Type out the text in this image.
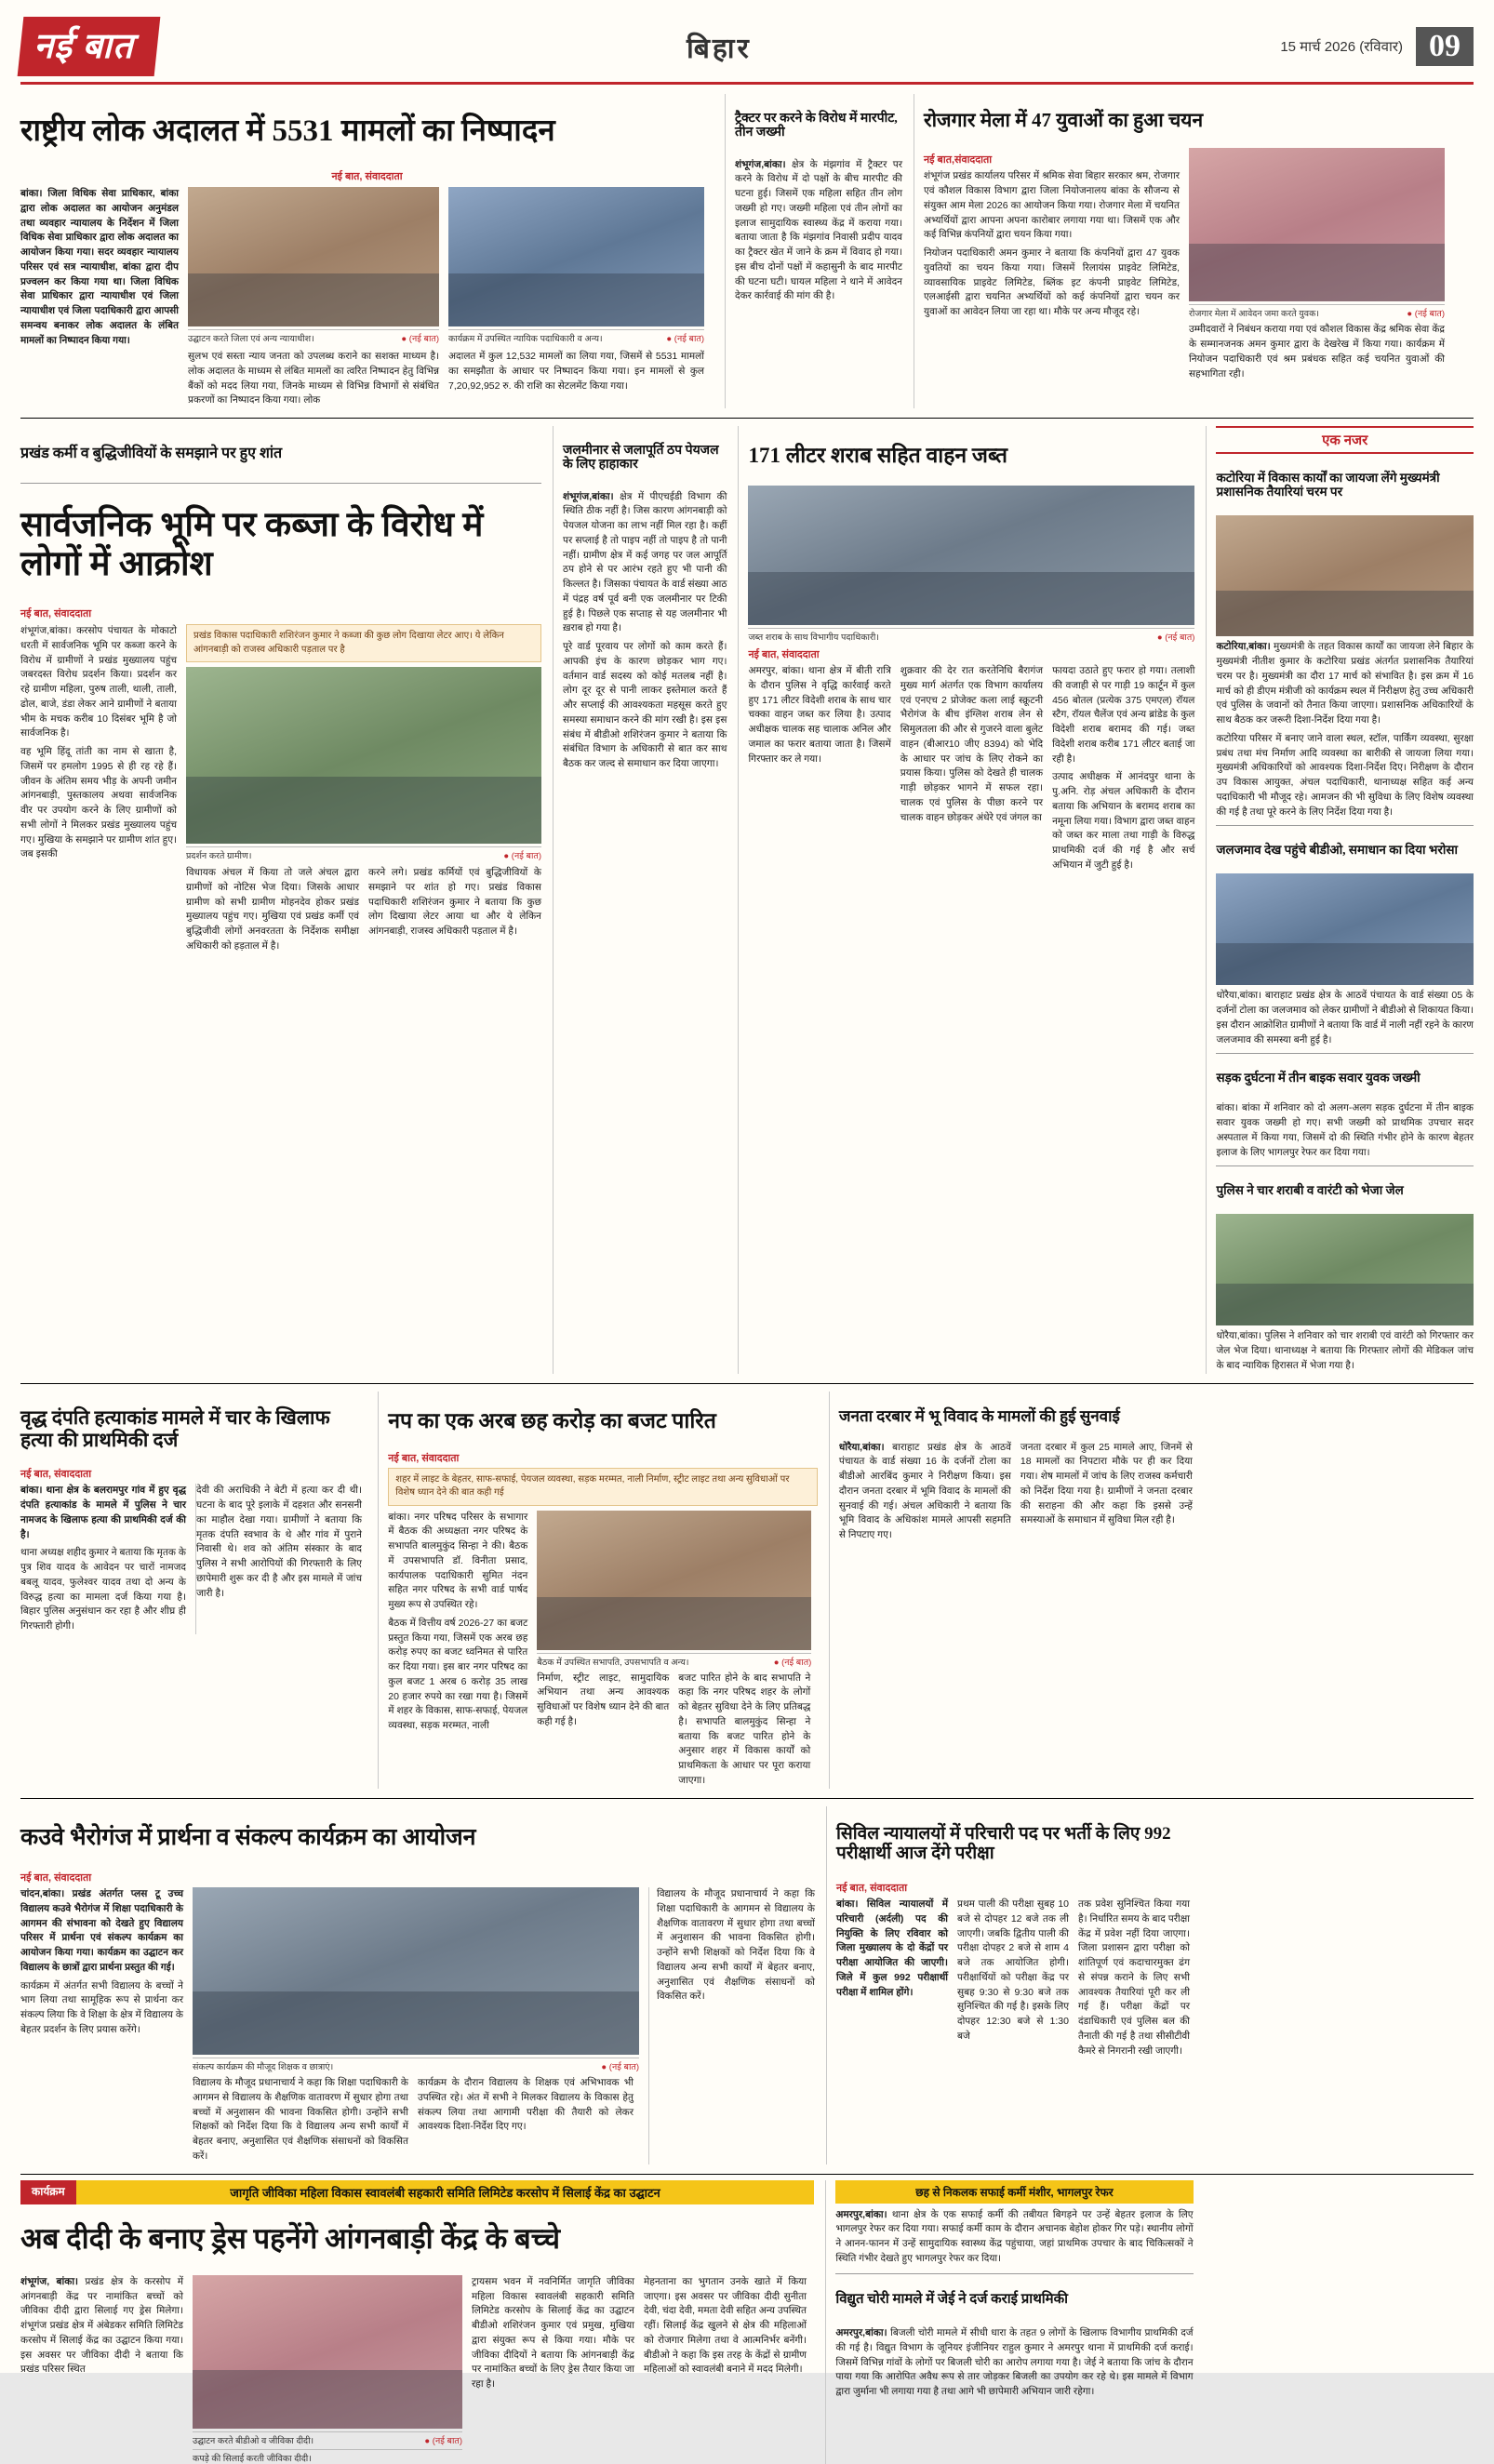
नई बात	बिहार	15 मार्च 2026 (रविवार) 09
राष्ट्रीय लोक अदालत में 5531 मामलों का निष्पादन
नई बात, संवाददाता
बांका। जिला विधिक सेवा प्राधिकार, बांका द्वारा लोक अदालत का आयोजन अनुमंडल तथा व्यवहार न्यायालय के निर्देशन में जिला विधिक सेवा प्राधिकार द्वारा लोक अदालत का आयोजन किया गया। सदर व्यवहार न्यायालय परिसर एवं सत्र न्यायाधीश, बांका द्वारा दीप प्रज्वलन कर किया गया था। जिला विधिक सेवा प्राधिकार द्वारा न्यायाधीश एवं जिला न्यायाधीश एवं जिला पदाधिकारी द्वारा आपसी समन्वय बनाकर लोक अदालत के लंबित मामलों का निष्पादन किया गया।	उद्घाटन करते जिला एवं अन्य न्यायाधीश।	● (नई बात) कार्यक्रम में उपस्थित न्यायिक पदाधिकारी व अन्य।	● (नई बात)
सुलभ एवं सस्ता न्याय जनता को उपलब्ध कराने का सशक्त माध्यम है। लोक अदालत के माध्यम से लंबित मामलों का त्वरित निष्पादन हेतु विभिन्न बैंकों को मदद लिया गया, जिनके माध्यम से विभिन्न विभागों से संबंधित प्रकरणों का निष्पादन किया गया। लोक
अदालत में कुल 12,532 मामलों का लिया गया, जिसमें से 5531 मामलों का समझौता के आधार पर निष्पादन किया गया। इन मामलों से कुल 7,20,92,952 रु. की राशि का सेटलमेंट किया गया।
ट्रैक्टर पर करने के विरोध में मारपीट, तीन जख्मी
शंभूगंज,बांका। क्षेत्र के मंझगांव में ट्रैक्टर पर करने के विरोध में दो पक्षों के बीच मारपीट की घटना हुई। जिसमें एक महिला सहित तीन लोग जख्मी हो गए। जख्मी महिला एवं तीन लोगों का इलाज सामुदायिक स्वास्थ्य केंद्र में कराया गया। बताया जाता है कि मंझगांव निवासी प्रदीप यादव का ट्रैक्टर खेत में जाने के क्रम में विवाद हो गया। इस बीच दोनों पक्षों में कहासुनी के बाद मारपीट की घटना घटी। घायल महिला ने थाने में आवेदन देकर कार्रवाई की मांग की है।
रोजगार मेला में 47 युवाओं का हुआ चयन
नई बात,संवाददाता
शंभूगंज प्रखंड कार्यालय परिसर में श्रमिक सेवा बिहार सरकार श्रम, रोजगार एवं कौशल विकास विभाग द्वारा जिला नियोजनालय बांका के सौजन्य से संयुक्त आम मेला 2026 का आयोजन किया गया। रोजगार मेला में चयनित अभ्यर्थियों द्वारा आपना अपना कारोबार लगाया गया था। जिसमें एक और कई विभिन्न कंपनियों द्वारा चयन किया गया।
नियोजन पदाधिकारी अमन कुमार ने बताया कि कंपनियों द्वारा 47 युवक युवतियों का चयन किया गया। जिसमें रिलायंस प्राइवेट लिमिटेड, व्यावसायिक प्राइवेट लिमिटेड, ब्लिंक इट कंपनी प्राइवेट लिमिटेड, एलआईसी द्वारा चयनित अभ्यर्थियों को कई कंपनियों द्वारा चयन कर युवाओं का आवेदन लिया जा रहा था। मौके पर अन्य मौजूद रहे।	रोजगार मेला में आवेदन जमा करते युवक।	● (नई बात)
उम्मीदवारों ने निबंधन कराया गया एवं कौशल विकास केंद्र श्रमिक सेवा केंद्र के सम्मानजनक अमन कुमार द्वारा के देखरेख में किया गया। कार्यक्रम में नियोजन पदाधिकारी एवं श्रम प्रबंधक सहित कई चयनित युवाओं की सहभागिता रही।
प्रखंड कर्मी व बुद्धिजीवियों के समझाने पर हुए शांत
सार्वजनिक भूमि पर कब्जा के विरोध में लोगों में आक्रोश
नई बात, संवाददाता
शंभूगंज,बांका। करसोप पंचायत के मोकाटो धरती में सार्वजनिक भूमि पर कब्जा करने के विरोध में ग्रामीणों ने प्रखंड मुख्यालय पहुंच जबरदस्त विरोध प्रदर्शन किया। प्रदर्शन कर रहे ग्रामीण महिला, पुरुष ताली, थाली, ताली, ढोल, बाजे, डंडा लेकर आने ग्रामीणों ने बताया भीम के मचक करीब 10 दिसंबर भूमि है जो सार्वजनिक है।
वह भूमि हिंदू तांती का नाम से खाता है, जिसमें पर हमलोग 1995 से ही रह रहे हैं। जीवन के अंतिम समय भीड़ के अपनी जमीन आंगनबाड़ी, पुस्तकालय अथवा सार्वजनिक वीर पर उपयोग करने के लिए ग्रामीणों को सभी लोगों ने मिलकर प्रखंड मुख्यालय पहुंच गए। मुखिया के समझाने पर ग्रामीण शांत हुए। जब इसकी
प्रखंड विकास पदाधिकारी शशिरंजन कुमार ने कब्जा की कुछ लोग दिखाया लेटर आए। ये लेकिन आंगनबाड़ी को राजस्व अधिकारी पड़ताल पर है
प्रदर्शन करते ग्रामीण।	● (नई बात)
विधायक अंचल में किया तो जले अंचल द्वारा ग्रामीणों को नोटिस भेज दिया। जिसके आधार ग्रामीण को सभी ग्रामीण मोहनदेव होकर प्रखंड मुख्यालय पहुंच गए। मुखिया एवं प्रखंड कर्मी एवं बुद्धिजीवी लोगों अनवरतता के निर्देशक समीक्षा अधिकारी को हड़ताल में है।
करने लगे। प्रखंड कर्मियों एवं बुद्धिजीवियों के समझाने पर शांत हो गए। प्रखंड विकास पदाधिकारी शशिरंजन कुमार ने बताया कि कुछ लोग दिखाया लेटर आया था और ये लेकिन आंगनबाड़ी, राजस्व अधिकारी पड़ताल में है।
जलमीनार से जलापूर्ति ठप पेयजल के लिए हाहाकार
शंभूगंज,बांका। क्षेत्र में पीएचईडी विभाग की स्थिति ठीक नहीं है। जिस कारण आंगनबाड़ी को पेयजल योजना का लाभ नहीं मिल रहा है। कहीं पर सप्लाई है तो पाइप नहीं तो पाइप है तो पानी नहीं। ग्रामीण क्षेत्र में कई जगह पर जल आपूर्ति ठप होने से पर आरंभ रहते हुए भी पानी की किल्लत है। जिसका पंचायत के वार्ड संख्या आठ में पंद्रह वर्ष पूर्व बनी एक जलमीनार पर टिकी हुई है। पिछले एक सप्ताह से यह जलमीनार भी ख़राब हो गया है।
पूरे वार्ड पूरवाय पर लोगों को काम करते हैं। आपकी इंच के कारण छोड़कर भाग गए। वर्तमान वार्ड सदस्य को कोई मतलब नहीं है। लोग दूर दूर से पानी लाकर इस्तेमाल करते हैं और सप्लाई की आवश्यकता महसूस करते हुए समस्या समाधान करने की मांग रखी है। इस इस संबंध में बीडीओ शशिरंजन कुमार ने बताया कि संबंधित विभाग के अधिकारी से बात कर साथ बैठक कर जल्द से समाधान कर दिया जाएगा।
171 लीटर शराब सहित वाहन जब्त
जब्त शराब के साथ विभागीय पदाधिकारी।	● (नई बात)
नई बात, संवाददाता
अमरपुर, बांका। थाना क्षेत्र में बीती रात्रि के दौरान पुलिस ने वृद्धि कार्रवाई करते हुए 171 लीटर विदेशी शराब के साथ चार चक्का वाहन जब्त कर लिया है। उत्पाद अधीक्षक चालक सह चालाक अनिल और जमाल का फरार बताया जाता है। जिसमें गिरफ्तार कर ले गया।
शुक्रवार की देर रात करतेनिधि बैरागंज मुख्य मार्ग अंतर्गत एक विभाग कार्यालय एवं एनएच 2 प्रोजेक्ट कला लाई स्क्रूटनी भैरोगंज के बीच इंग्लिश शराब लेन से सिमुलतला की और से गुजरने वाला बुलेट वाहन (बीआर10 जीए 8394) को भेदि के आधार पर जांच के लिए रोकने का प्रयास किया। पुलिस को देखते ही चालक गाड़ी छोड़कर भागने में सफल रहा। चालक एवं पुलिस के पीछा करने पर चालक वाहन छोड़कर अंधेरे एवं जंगल का
फायदा उठाते हुए फरार हो गया। तलाशी की वजाही से पर गाड़ी 19 कार्टून में कुल 456 बोतल (प्रत्येक 375 एमएल) रॉयल स्टैग, रॉयल चैलेंज एवं अन्य ब्रांडेड के कुल विदेशी शराब बरामद की गई। जब्त विदेशी शराब करीब 171 लीटर बताई जा रही है।
उत्पाद अधीक्षक में आनंदपुर थाना के पु.अनि. रोड़ अंचल अधिकारी के दौरान बताया कि अभियान के बरामद शराब का नमूना लिया गया। विभाग द्वारा जब्त वाहन को जब्त कर माला तथा गाड़ी के विरुद्ध प्राथमिकी दर्ज की गई है और सर्च अभियान में जुटी हुई है।
एक नजर
कटोरिया में विकास कार्यों का जायजा लेंगे मुख्यमंत्री प्रशासनिक तैयारियां चरम पर
कटोरिया,बांका। मुख्यमंत्री के तहत विकास कार्यों का जायजा लेने बिहार के मुख्यमंत्री नीतीश कुमार के कटोरिया प्रखंड अंतर्गत प्रशासनिक तैयारियां चरम पर है। मुख्यमंत्री का दौरा 17 मार्च को संभावित है। इस क्रम में 16 मार्च को ही डीएम मंत्रीजी को कार्यक्रम स्थल में निरीक्षण हेतु उच्च अधिकारी एवं पुलिस के जवानों को तैनात किया जाएगा। प्रशासनिक अधिकारियों के साथ बैठक कर जरूरी दिशा-निर्देश दिया गया है।
कटोरिया परिसर में बनाए जाने वाला स्थल, स्टॉल, पार्किंग व्यवस्था, सुरक्षा प्रबंध तथा मंच निर्माण आदि व्यवस्था का बारीकी से जायजा लिया गया। मुख्यमंत्री अधिकारियों को आवश्यक दिशा-निर्देश दिए। निरीक्षण के दौरान उप विकास आयुक्त, अंचल पदाधिकारी, थानाध्यक्ष सहित कई अन्य पदाधिकारी भी मौजूद रहे। आमजन की भी सुविधा के लिए विशेष व्यवस्था की गई है तथा पूरे करने के लिए निर्देश दिया गया है।
जलजमाव देख पहुंचे बीडीओ, समाधान का दिया भरोसा
धोरैया,बांका। बाराहाट प्रखंड क्षेत्र के आठवें पंचायत के वार्ड संख्या 05 के दर्जनों टोला का जलजमाव को लेकर ग्रामीणों ने बीडीओ से शिकायत किया। इस दौरान आक्रोशित ग्रामीणों ने बताया कि वार्ड में नाली नहीं रहने के कारण जलजमाव की समस्या बनी हुई है।
सड़क दुर्घटना में तीन बाइक सवार युवक जख्मी
बांका। बांका में शनिवार को दो अलग-अलग सड़क दुर्घटना में तीन बाइक सवार युवक जख्मी हो गए। सभी जख्मी को प्राथमिक उपचार सदर अस्पताल में किया गया, जिसमें दो की स्थिति गंभीर होने के कारण बेहतर इलाज के लिए भागलपुर रेफर कर दिया गया।
पुलिस ने चार शराबी व वारंटी को भेजा जेल
धोरैया,बांका। पुलिस ने शनिवार को चार शराबी एवं वारंटी को गिरफ्तार कर जेल भेज दिया। थानाध्यक्ष ने बताया कि गिरफ्तार लोगों की मेडिकल जांच के बाद न्यायिक हिरासत में भेजा गया है।
वृद्ध दंपति हत्याकांड मामले में चार के खिलाफ हत्या की प्राथमिकी दर्ज
नई बात, संवाददाता
बांका। थाना क्षेत्र के बलरामपुर गांव में हुए वृद्ध दंपति हत्याकांड के मामले में पुलिस ने चार नामजद के खिलाफ हत्या की प्राथमिकी दर्ज की है।
थाना अध्यक्ष शहीद कुमार ने बताया कि मृतक के पुत्र शिव यादव के आवेदन पर चारों नामजद बबलू यादव, फुलेश्वर यादव तथा दो अन्य के विरुद्ध हत्या का मामला दर्ज किया गया है। बिहार पुलिस अनुसंधान कर रहा है और शीघ्र ही गिरफ्तारी होगी।
देवी की अराधिकी ने बेटी में हत्या कर दी थी। घटना के बाद पूरे इलाके में दहशत और सनसनी का माहौल देखा गया। ग्रामीणों ने बताया कि मृतक दंपति स्वभाव के थे और गांव में पुराने निवासी थे। शव को अंतिम संस्कार के बाद पुलिस ने सभी आरोपियों की गिरफ्तारी के लिए छापेमारी शुरू कर दी है और इस मामले में जांच जारी है।
नप का एक अरब छह करोड़ का बजट पारित
नई बात, संवाददाता
शहर में लाइट के बेहतर, साफ-सफाई, पेयजल व्यवस्था, सड़क मरम्मत, नाली निर्माण, स्ट्रीट लाइट तथा अन्य सुविधाओं पर विशेष ध्यान देने की बात कही गई
बांका। नगर परिषद परिसर के सभागार में बैठक की अध्यक्षता नगर परिषद के सभापति बालमुकुंद सिन्हा ने की। बैठक में उपसभापति डॉ. विनीता प्रसाद, कार्यपालक पदाधिकारी सुमित नंदन सहित नगर परिषद के सभी वार्ड पार्षद मुख्य रूप से उपस्थित रहे।
बैठक में वित्तीय वर्ष 2026-27 का बजट प्रस्तुत किया गया, जिसमें एक अरब छह करोड़ रुपए का बजट ध्वनिमत से पारित कर दिया गया। इस बार नगर परिषद का कुल बजट 1 अरब 6 करोड़ 35 लाख 20 हजार रुपये का रखा गया है। जिसमें में शहर के विकास, साफ-सफाई, पेयजल व्यवस्था, सड़क मरम्मत, नाली
बैठक में उपस्थित सभापति, उपसभापति व अन्य।	● (नई बात)
निर्माण, स्ट्रीट लाइट, सामुदायिक अभियान तथा अन्य आवश्यक सुविधाओं पर विशेष ध्यान देने की बात कही गई है।
बजट पारित होने के बाद सभापति ने कहा कि नगर परिषद शहर के लोगों को बेहतर सुविधा देने के लिए प्रतिबद्ध है। सभापति बालमुकुंद सिन्हा ने बताया कि बजट पारित होने के अनुसार शहर में विकास कार्यों को प्राथमिकता के आधार पर पूरा कराया जाएगा।
जनता दरबार में भू विवाद के मामलों की हुई सुनवाई
धोरैया,बांका। बाराहाट प्रखंड क्षेत्र के आठवें पंचायत के वार्ड संख्या 16 के दर्जनों टोला का बीडीओ आरबिंद कुमार ने निरीक्षण किया। इस दौरान जनता दरबार में भूमि विवाद के मामलों की सुनवाई की गई। अंचल अधिकारी ने बताया कि भूमि विवाद के अधिकांश मामले आपसी सहमति से निपटाए गए।
जनता दरबार में कुल 25 मामले आए, जिनमें से 18 मामलों का निपटारा मौके पर ही कर दिया गया। शेष मामलों में जांच के लिए राजस्व कर्मचारी को निर्देश दिया गया है। ग्रामीणों ने जनता दरबार की सराहना की और कहा कि इससे उन्हें समस्याओं के समाधान में सुविधा मिल रही है।
कउवे भैरोगंज में प्रार्थना व संकल्प कार्यक्रम का आयोजन
नई बात, संवाददाता
चांदन,बांका। प्रखंड अंतर्गत प्लस टू उच्च विद्यालय कउवे भैरोगंज में शिक्षा पदाधिकारी के आगमन की संभावना को देखते हुए विद्यालय परिसर में प्रार्थना एवं संकल्प कार्यक्रम का आयोजन किया गया। कार्यक्रम का उद्घाटन कर विद्यालय के छात्रों द्वारा प्रार्थना प्रस्तुत की गई।
कार्यक्रम में अंतर्गत सभी विद्यालय के बच्चों ने भाग लिया तथा सामूहिक रूप से प्रार्थना कर संकल्प लिया कि वे शिक्षा के क्षेत्र में विद्यालय के बेहतर प्रदर्शन के लिए प्रयास करेंगे।
संकल्प कार्यक्रम की मौजूद शिक्षक व छात्राएं।	● (नई बात)
विद्यालय के मौजूद प्रधानाचार्य ने कहा कि शिक्षा पदाधिकारी के आगमन से विद्यालय के शैक्षणिक वातावरण में सुधार होगा तथा बच्चों में अनुशासन की भावना विकसित होगी। उन्होंने सभी शिक्षकों को निर्देश दिया कि वे विद्यालय अन्य सभी कार्यों में बेहतर बनाए, अनुशासित एवं शैक्षणिक संसाधनों को विकसित करें।
कार्यक्रम के दौरान विद्यालय के शिक्षक एवं अभिभावक भी उपस्थित रहे। अंत में सभी ने मिलकर विद्यालय के विकास हेतु संकल्प लिया तथा आगामी परीक्षा की तैयारी को लेकर आवश्यक दिशा-निर्देश दिए गए।
विद्यालय के मौजूद प्रधानाचार्य ने कहा कि शिक्षा पदाधिकारी के आगमन से विद्यालय के शैक्षणिक वातावरण में सुधार होगा तथा बच्चों में अनुशासन की भावना विकसित होगी। उन्होंने सभी शिक्षकों को निर्देश दिया कि वे विद्यालय अन्य सभी कार्यों में बेहतर बनाए, अनुशासित एवं शैक्षणिक संसाधनों को विकसित करें।
सिविल न्यायालयों में परिचारी पद पर भर्ती के लिए 992 परीक्षार्थी आज देंगे परीक्षा
नई बात, संवाददाता
बांका। सिविल न्यायालयों में परिचारी (अर्दली) पद की नियुक्ति के लिए रविवार को जिला मुख्यालय के दो केंद्रों पर परीक्षा आयोजित की जाएगी। जिले में कुल 992 परीक्षार्थी परीक्षा में शामिल होंगे।
प्रथम पाली की परीक्षा सुबह 10 बजे से दोपहर 12 बजे तक ली जाएगी। जबकि द्वितीय पाली की परीक्षा दोपहर 2 बजे से शाम 4 बजे तक आयोजित होगी। परीक्षार्थियों को परीक्षा केंद्र पर सुबह 9:30 से 9:30 बजे तक सुनिश्चित की गई है। इसके लिए दोपहर 12:30 बजे से 1:30 बजे
तक प्रवेश सुनिश्चित किया गया है। निर्धारित समय के बाद परीक्षा केंद्र में प्रवेश नहीं दिया जाएगा। जिला प्रशासन द्वारा परीक्षा को शांतिपूर्ण एवं कदाचारमुक्त ढंग से संपन्न कराने के लिए सभी आवश्यक तैयारियां पूरी कर ली गई हैं। परीक्षा केंद्रों पर दंडाधिकारी एवं पुलिस बल की तैनाती की गई है तथा सीसीटीवी कैमरे से निगरानी रखी जाएगी।
कार्यक्रम	जागृति जीविका महिला विकास स्वावलंबी सहकारी समिति लिमिटेड करसोप में सिलाई केंद्र का उद्घाटन
अब दीदी के बनाए ड्रेस पहनेंगे आंगनबाड़ी केंद्र के बच्चे
शंभूगंज, बांका। प्रखंड क्षेत्र के करसोप में आंगनबाड़ी केंद्र पर नामांकित बच्चों को जीविका दीदी द्वारा सिलाई गए ड्रेस मिलेगा। शंभूगंज प्रखंड क्षेत्र में अंबेडकर समिति लिमिटेड करसोप में सिलाई केंद्र का उद्घाटन किया गया। इस अवसर पर जीविका दीदी ने बताया कि प्रखंड परिसर स्थित
उद्घाटन करते बीडीओ व जीविका दीदी।	● (नई बात)
ट्रायसम भवन में नवनिर्मित जागृति जीविका महिला विकास स्वावलंबी सहकारी समिति लिमिटेड करसोप के सिलाई केंद्र का उद्घाटन बीडीओ शशिरंजन कुमार एवं प्रमुख, मुखिया द्वारा संयुक्त रूप से किया गया। मौके पर जीविका दीदियों ने बताया कि आंगनबाड़ी केंद्र पर नामांकित बच्चों के लिए ड्रेस तैयार किया जा रहा है।
मेहनताना का भुगतान उनके खाते में किया जाएगा। इस अवसर पर जीविका दीदी सुनीता देवी, चंदा देवी, ममता देवी सहित अन्य उपस्थित रहीं। सिलाई केंद्र खुलने से क्षेत्र की महिलाओं को रोजगार मिलेगा तथा वे आत्मनिर्भर बनेंगी। बीडीओ ने कहा कि इस तरह के केंद्रों से ग्रामीण महिलाओं को स्वावलंबी बनाने में मदद मिलेगी।
कपड़े की सिलाई करती जीविका दीदी।
छह से निकलक सफाई कर्मी मंशीर, भागलपुर रेफर
अमरपुर,बांका। थाना क्षेत्र के एक सफाई कर्मी की तबीयत बिगड़ने पर उन्हें बेहतर इलाज के लिए भागलपुर रेफर कर दिया गया। सफाई कर्मी काम के दौरान अचानक बेहोश होकर गिर पड़े। स्थानीय लोगों ने आनन-फानन में उन्हें सामुदायिक स्वास्थ्य केंद्र पहुंचाया, जहां प्राथमिक उपचार के बाद चिकित्सकों ने स्थिति गंभीर देखते हुए भागलपुर रेफर कर दिया।
विद्युत चोरी मामले में जेई ने दर्ज कराई प्राथमिकी
अमरपुर,बांका। बिजली चोरी मामले में सीधी धारा के तहत 9 लोगों के खिलाफ विभागीय प्राथमिकी दर्ज की गई है। विद्युत विभाग के जूनियर इंजीनियर राहुल कुमार ने अमरपुर थाना में प्राथमिकी दर्ज कराई। जिसमें विभिन्न गांवों के लोगों पर बिजली चोरी का आरोप लगाया गया है। जेई ने बताया कि जांच के दौरान पाया गया कि आरोपित अवैध रूप से तार जोड़कर बिजली का उपयोग कर रहे थे। इस मामले में विभाग द्वारा जुर्माना भी लगाया गया है तथा आगे भी छापेमारी अभियान जारी रहेगा।
